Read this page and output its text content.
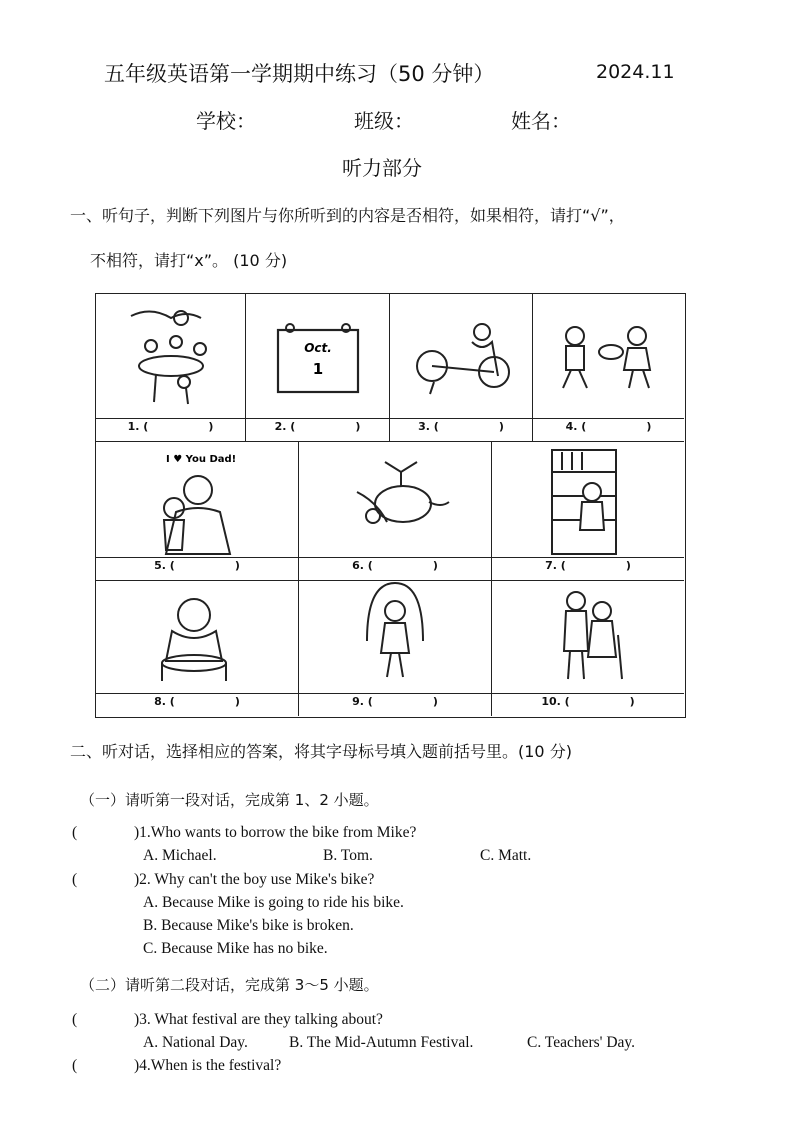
五年级英语第一学期期中练习（50 分钟）	2024.11
学校：	班级：	姓名：
听力部分
一、听句子，判断下列图片与你所听到的内容是否相符，如果相符，请打“√”，
不相符，请打“x”。 (10 分)
1. (	)
Oct.
1
2. (	)	3. (	)	4. (	)
I ♥ You Dad!
5. (	)	6. (	)	7. (	)
8. (	)	9. (	)	10. (	)
二、听对话，选择相应的答案，将其字母标号填入题前括号里。(10 分)
（一）请听第一段对话，完成第 1、2 小题。
(	)1.Who wants to borrow the bike from Mike?
A. Michael.	B. Tom.	C. Matt.
(	)2. Why can't the boy use Mike's bike?
A. Because Mike is going to ride his bike.
B. Because Mike's bike is broken.
C. Because Mike has no bike.
（二）请听第二段对话，完成第 3～5 小题。
(	)3. What festival are they talking about?
A. National Day.	B. The Mid-Autumn Festival.	C. Teachers' Day.
(	)4.When is the festival?
